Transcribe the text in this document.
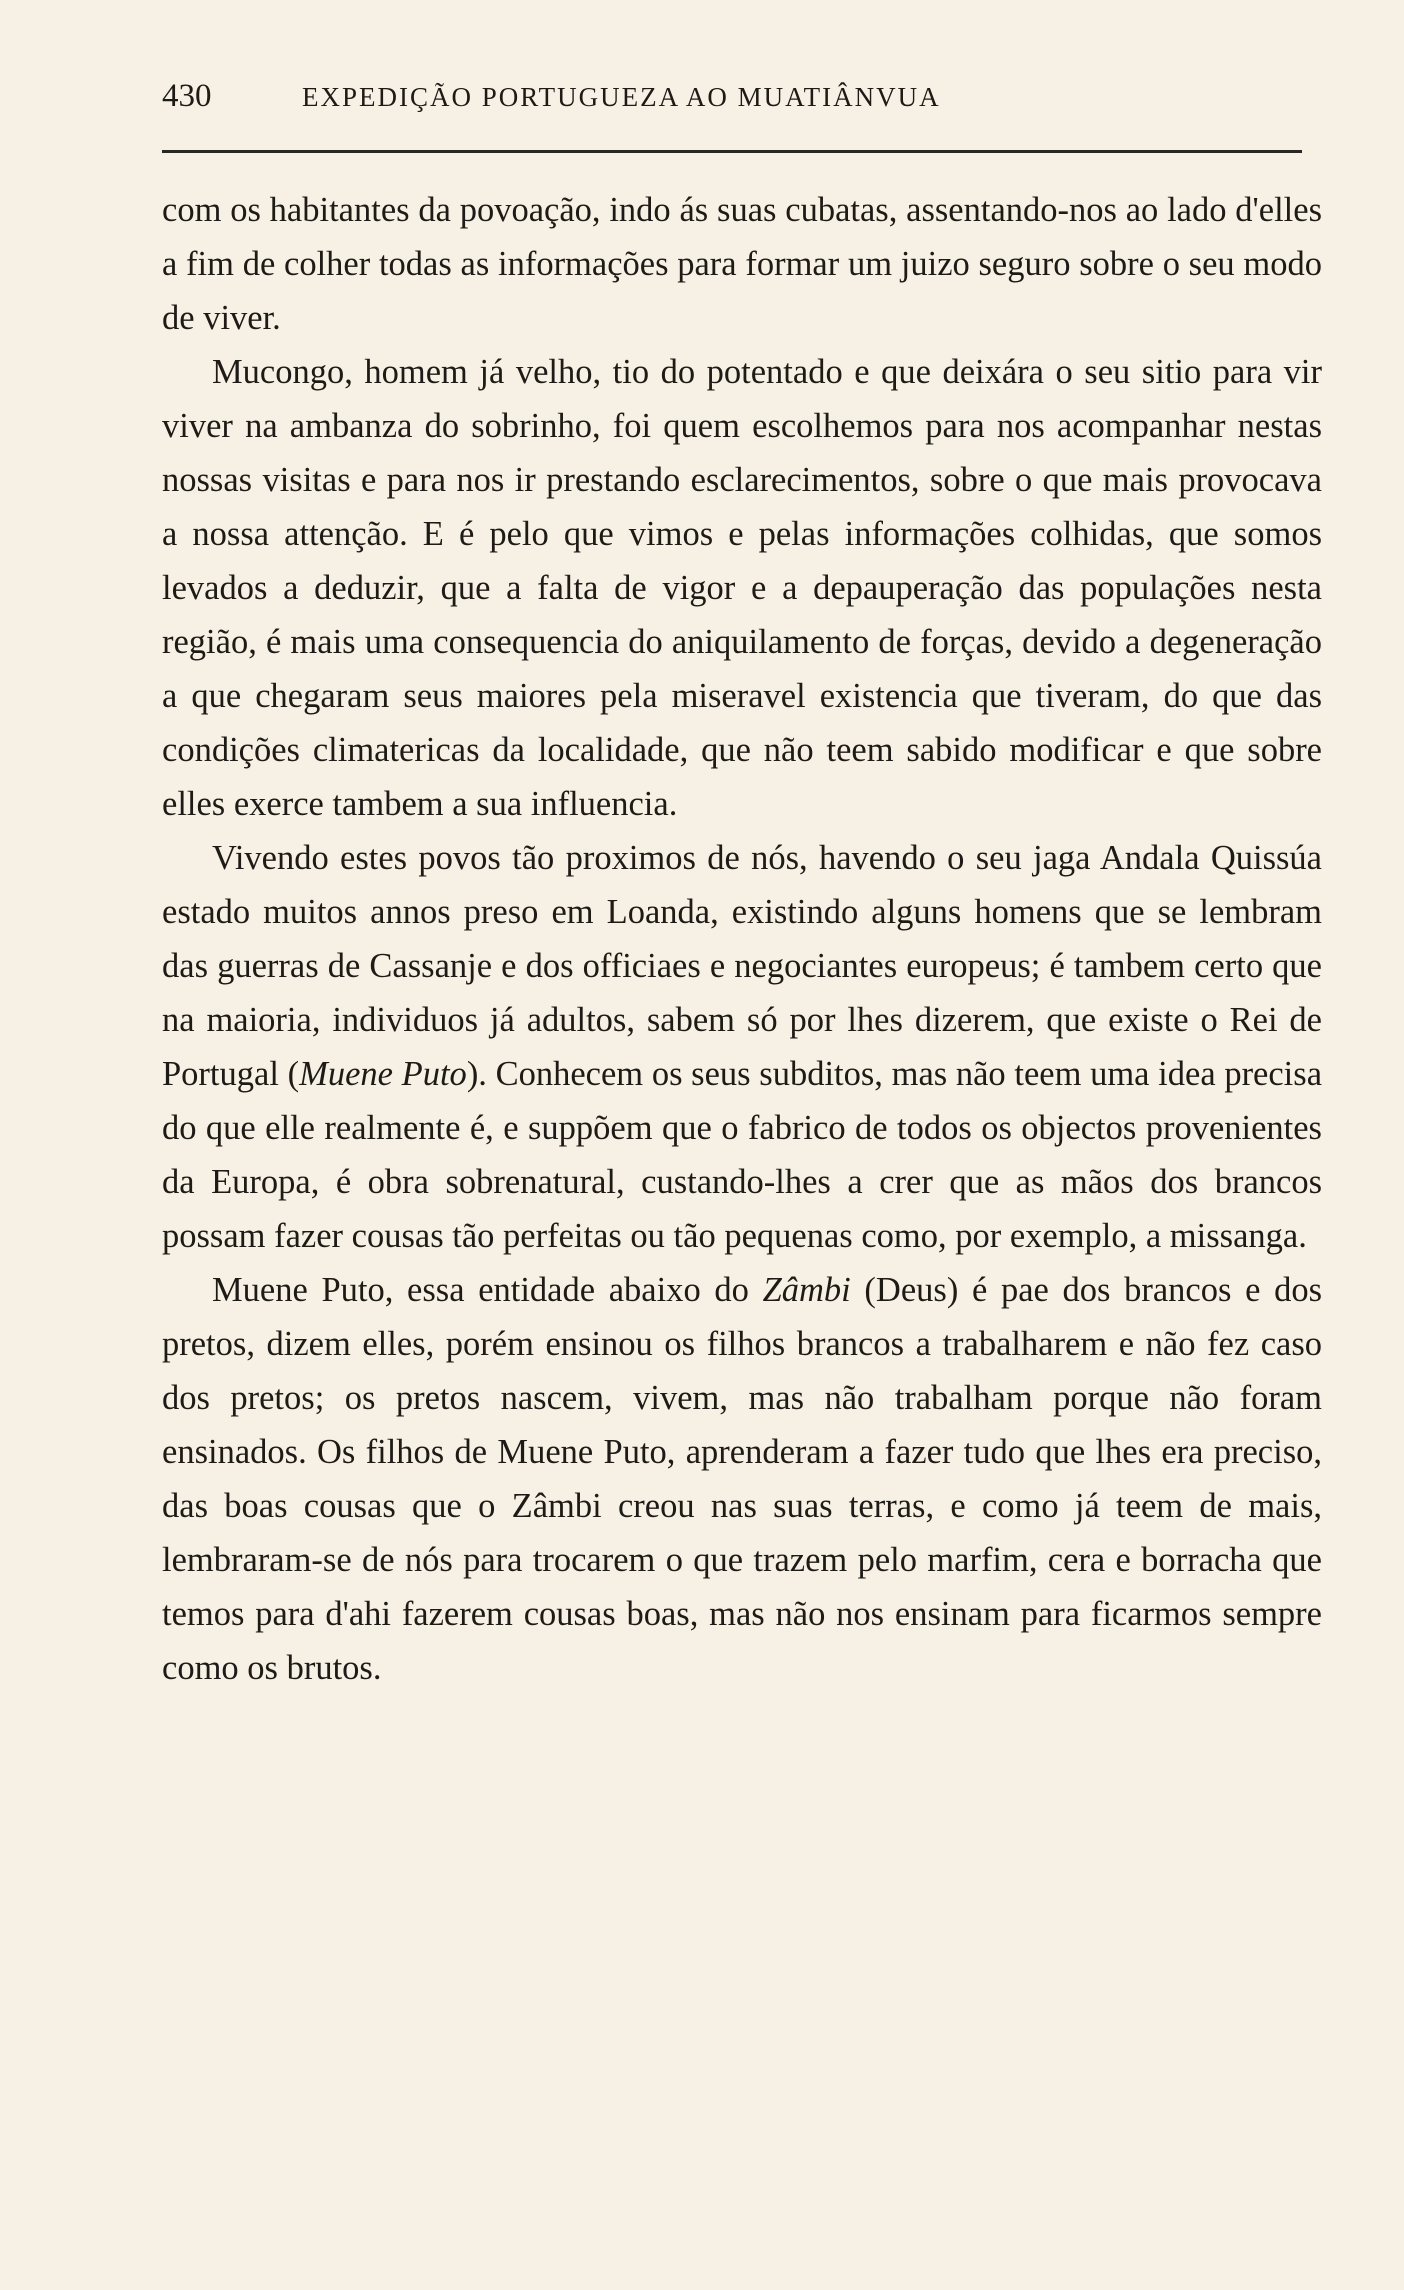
430	EXPEDIÇÃO PORTUGUEZA AO MUATIÂNVUA

com os habitantes da povoação, indo ás suas cubatas, assentando-nos ao lado d'elles a fim de colher todas as informações para formar um juizo seguro sobre o seu modo de viver.

Mucongo, homem já velho, tio do potentado e que deixára o seu sitio para vir viver na ambanza do sobrinho, foi quem escolhemos para nos acompanhar nestas nossas visitas e para nos ir prestando esclarecimentos, sobre o que mais provocava a nossa attenção. E é pelo que vimos e pelas informações colhidas, que somos levados a deduzir, que a falta de vigor e a depauperação das populações nesta região, é mais uma consequencia do aniquilamento de forças, devido a degeneração a que chegaram seus maiores pela miseravel existencia que tiveram, do que das condições climatericas da localidade, que não teem sabido modificar e que sobre elles exerce tambem a sua influencia.

Vivendo estes povos tão proximos de nós, havendo o seu jaga Andala Quissúa estado muitos annos preso em Loanda, existindo alguns homens que se lembram das guerras de Cassanje e dos officiaes e negociantes europeus; é tambem certo que na maioria, individuos já adultos, sabem só por lhes dizerem, que existe o Rei de Portugal (Muene Puto). Conhecem os seus subditos, mas não teem uma idea precisa do que elle realmente é, e suppõem que o fabrico de todos os objectos provenientes da Europa, é obra sobrenatural, custando-lhes a crer que as mãos dos brancos possam fazer cousas tão perfeitas ou tão pequenas como, por exemplo, a missanga.

Muene Puto, essa entidade abaixo do Zâmbi (Deus) é pae dos brancos e dos pretos, dizem elles, porém ensinou os filhos brancos a trabalharem e não fez caso dos pretos; os pretos nascem, vivem, mas não trabalham porque não foram ensinados. Os filhos de Muene Puto, aprenderam a fazer tudo que lhes era preciso, das boas cousas que o Zâmbi creou nas suas terras, e como já teem de mais, lembraram-se de nós para trocarem o que trazem pelo marfim, cera e borracha que temos para d'ahi fazerem cousas boas, mas não nos ensinam para ficarmos sempre como os brutos.
